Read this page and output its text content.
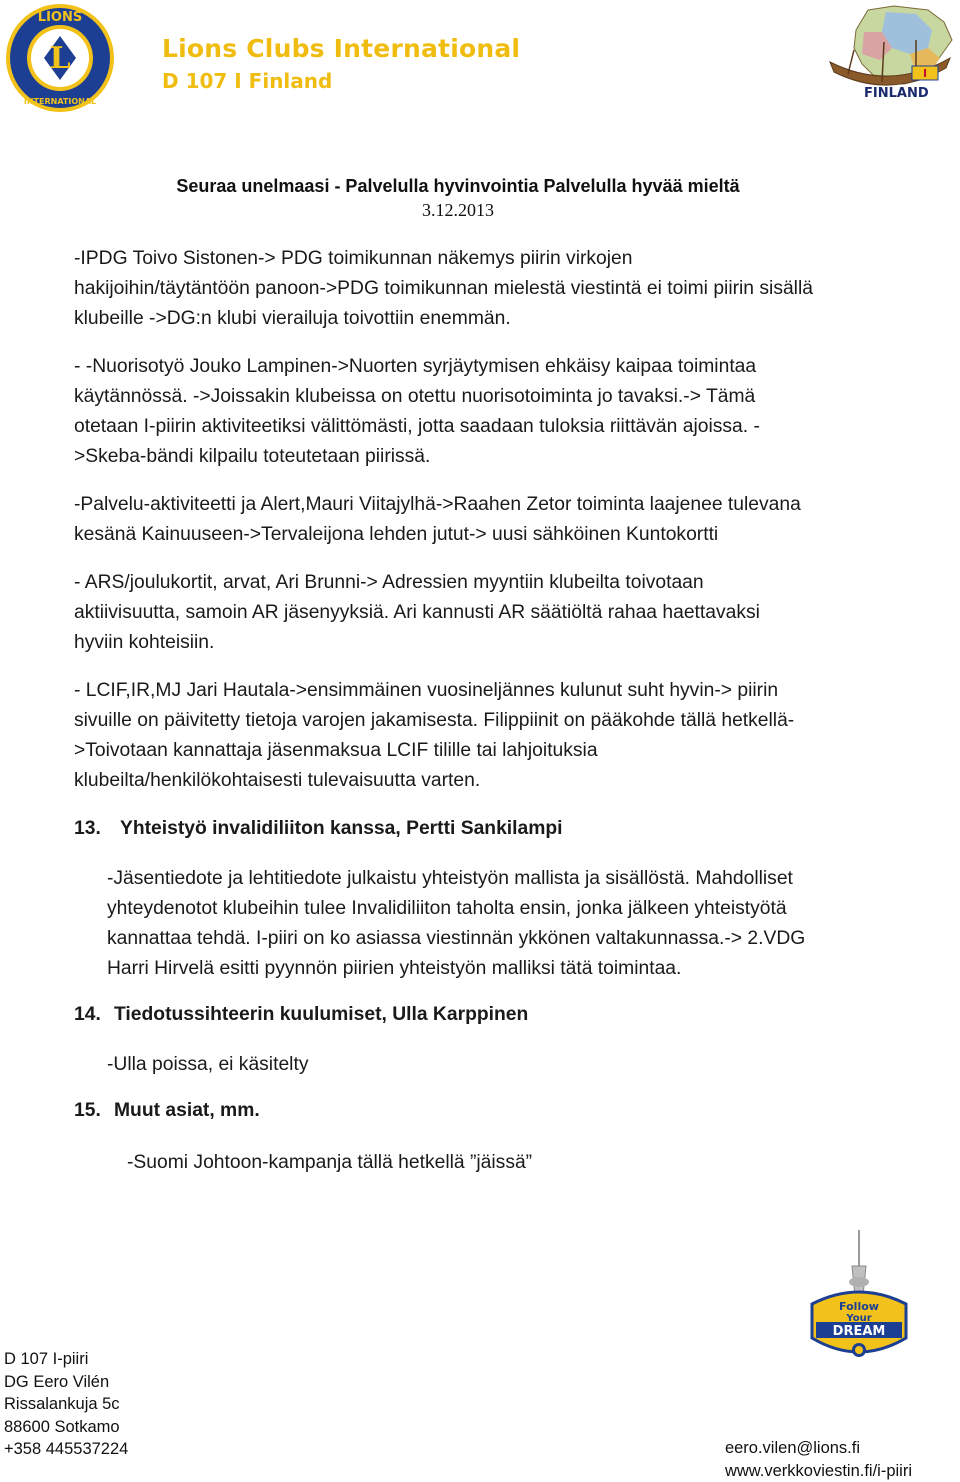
L
LIONS
INTERNATIONAL
Lions Clubs International
D 107 I Finland	I
FINLAND
Seuraa unelmaasi - Palvelulla hyvinvointia Palvelulla hyvää mieltä
3.12.2013
-IPDG Toivo Sistonen-> PDG toimikunnan näkemys piirin virkojen
hakijoihin/täytäntöön panoon->PDG toimikunnan mielestä viestintä ei toimi piirin sisällä
klubeille ->DG:n klubi vierailuja toivottiin enemmän.
- -Nuorisotyö Jouko Lampinen->Nuorten syrjäytymisen ehkäisy kaipaa toimintaa
käytännössä. ->Joissakin klubeissa on otettu nuorisotoiminta jo tavaksi.-> Tämä
otetaan I-piirin aktiviteetiksi välittömästi, jotta saadaan tuloksia riittävän ajoissa. -
>Skeba-bändi kilpailu toteutetaan piirissä.
-Palvelu-aktiviteetti ja Alert,Mauri Viitajylhä->Raahen Zetor toiminta laajenee tulevana
kesänä Kainuuseen->Tervaleijona lehden jutut-> uusi sähköinen Kuntokortti
- ARS/joulukortit, arvat, Ari Brunni-> Adressien myyntiin klubeilta toivotaan
aktiivisuutta, samoin AR jäsenyyksiä. Ari kannusti AR säätiöltä rahaa haettavaksi
hyviin kohteisiin.
- LCIF,IR,MJ Jari Hautala->ensimmäinen vuosineljännes kulunut suht hyvin-> piirin
sivuille on päivitetty tietoja varojen jakamisesta. Filippiinit on pääkohde tällä hetkellä-
>Toivotaan kannattaja jäsenmaksua LCIF tilille tai lahjoituksia
klubeilta/henkilökohtaisesti tulevaisuutta varten.
13. Yhteistyö invalidiliiton kanssa, Pertti Sankilampi
-Jäsentiedote ja lehtitiedote julkaistu yhteistyön mallista ja sisällöstä. Mahdolliset
yhteydenotot klubeihin tulee Invalidiliiton taholta ensin, jonka jälkeen yhteistyötä
kannattaa tehdä. I-piiri on ko asiassa viestinnän ykkönen valtakunnassa.-> 2.VDG
Harri Hirvelä esitti pyynnön piirien yhteistyön malliksi tätä toimintaa.
14. Tiedotussihteerin kuulumiset, Ulla Karppinen
-Ulla poissa, ei käsitelty
15. Muut asiat, mm.
-Suomi Johtoon-kampanja tällä hetkellä ”jäissä”
Follow
Your
DREAM
D 107 I-piiri
DG Eero Vilén
Rissalankuja 5c
88600 Sotkamo
+358 445537224	eero.vilen@lions.fi
www.verkkoviestin.fi/i-piiri
